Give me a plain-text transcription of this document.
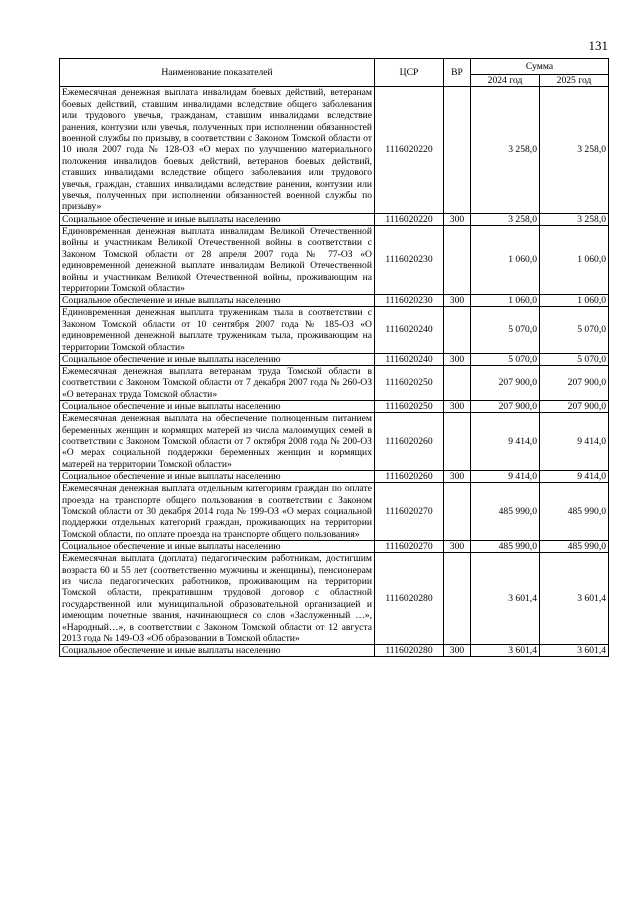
131
Наименование показателей	ЦСР	ВР	Сумма	
			2024 год	2025 год
Ежемесячная денежная выплата инвалидам боевых действий, ветеранам боевых действий, ставшим инвалидами вследствие общего заболевания или трудового увечья, гражданам, ставшим инвалидами вследствие ранения, контузии или увечья, полученных при исполнении обязанностей военной службы по призыву, в соответствии с Законом Томской области от 10 июля 2007 года № 128-ОЗ «О мерах по улучшению материального положения инвалидов боевых действий, ветеранов боевых действий, ставших инвалидами вследствие общего заболевания или трудового увечья, граждан, ставших инвалидами вследствие ранения, контузии или увечья, полученных при исполнении обязанностей военной службы по призыву»	1116020220		3 258,0	3 258,0
Социальное обеспечение и иные выплаты населению	1116020220	300	3 258,0	3 258,0
Единовременная денежная выплата инвалидам Великой Отечественной войны и участникам Великой Отечественной войны в соответствии с Законом Томской области от 28 апреля 2007 года № 77-ОЗ «О единовременной денежной выплате инвалидам Великой Отечественной войны и участникам Великой Отечественной войны, проживающим на территории Томской области»	1116020230		1 060,0	1 060,0
Социальное обеспечение и иные выплаты населению	1116020230	300	1 060,0	1 060,0
Единовременная денежная выплата труженикам тыла в соответствии с Законом Томской области от 10 сентября 2007 года № 185-ОЗ «О единовременной денежной выплате труженикам тыла, проживающим на территории Томской области»	1116020240		5 070,0	5 070,0
Социальное обеспечение и иные выплаты населению	1116020240	300	5 070,0	5 070,0
Ежемесячная денежная выплата ветеранам труда Томской области в соответствии с Законом Томской области от 7 декабря 2007 года № 260-ОЗ «О ветеранах труда Томской области»	1116020250		207 900,0	207 900,0
Социальное обеспечение и иные выплаты населению	1116020250	300	207 900,0	207 900,0
Ежемесячная денежная выплата на обеспечение полноценным питанием беременных женщин и кормящих матерей из числа малоимущих семей в соответствии с Законом Томской области от 7 октября 2008 года № 200-ОЗ «О мерах социальной поддержки беременных женщин и кормящих матерей на территории Томской области»	1116020260		9 414,0	9 414,0
Социальное обеспечение и иные выплаты населению	1116020260	300	9 414,0	9 414,0
Ежемесячная денежная выплата отдельным категориям граждан по оплате проезда на транспорте общего пользования в соответствии с Законом Томской области от 30 декабря 2014 года № 199-ОЗ «О мерах социальной поддержки отдельных категорий граждан, проживающих на территории Томской области, по оплате проезда на транспорте общего пользования»	1116020270		485 990,0	485 990,0
Социальное обеспечение и иные выплаты населению	1116020270	300	485 990,0	485 990,0
Ежемесячная выплата (доплата) педагогическим работникам, достигшим возраста 60 и 55 лет (соответственно мужчины и женщины), пенсионерам из числа педагогических работников, проживающим на территории Томской области, прекратившим трудовой договор с областной государственной или муниципальной образовательной организацией и имеющим почетные звания, начинающиеся со слов «Заслуженный …», «Народный…», в соответствии с Законом Томской области от 12 августа 2013 года № 149-ОЗ «Об образовании в Томской области»	1116020280		3 601,4	3 601,4
Социальное обеспечение и иные выплаты населению	1116020280	300	3 601,4	3 601,4
